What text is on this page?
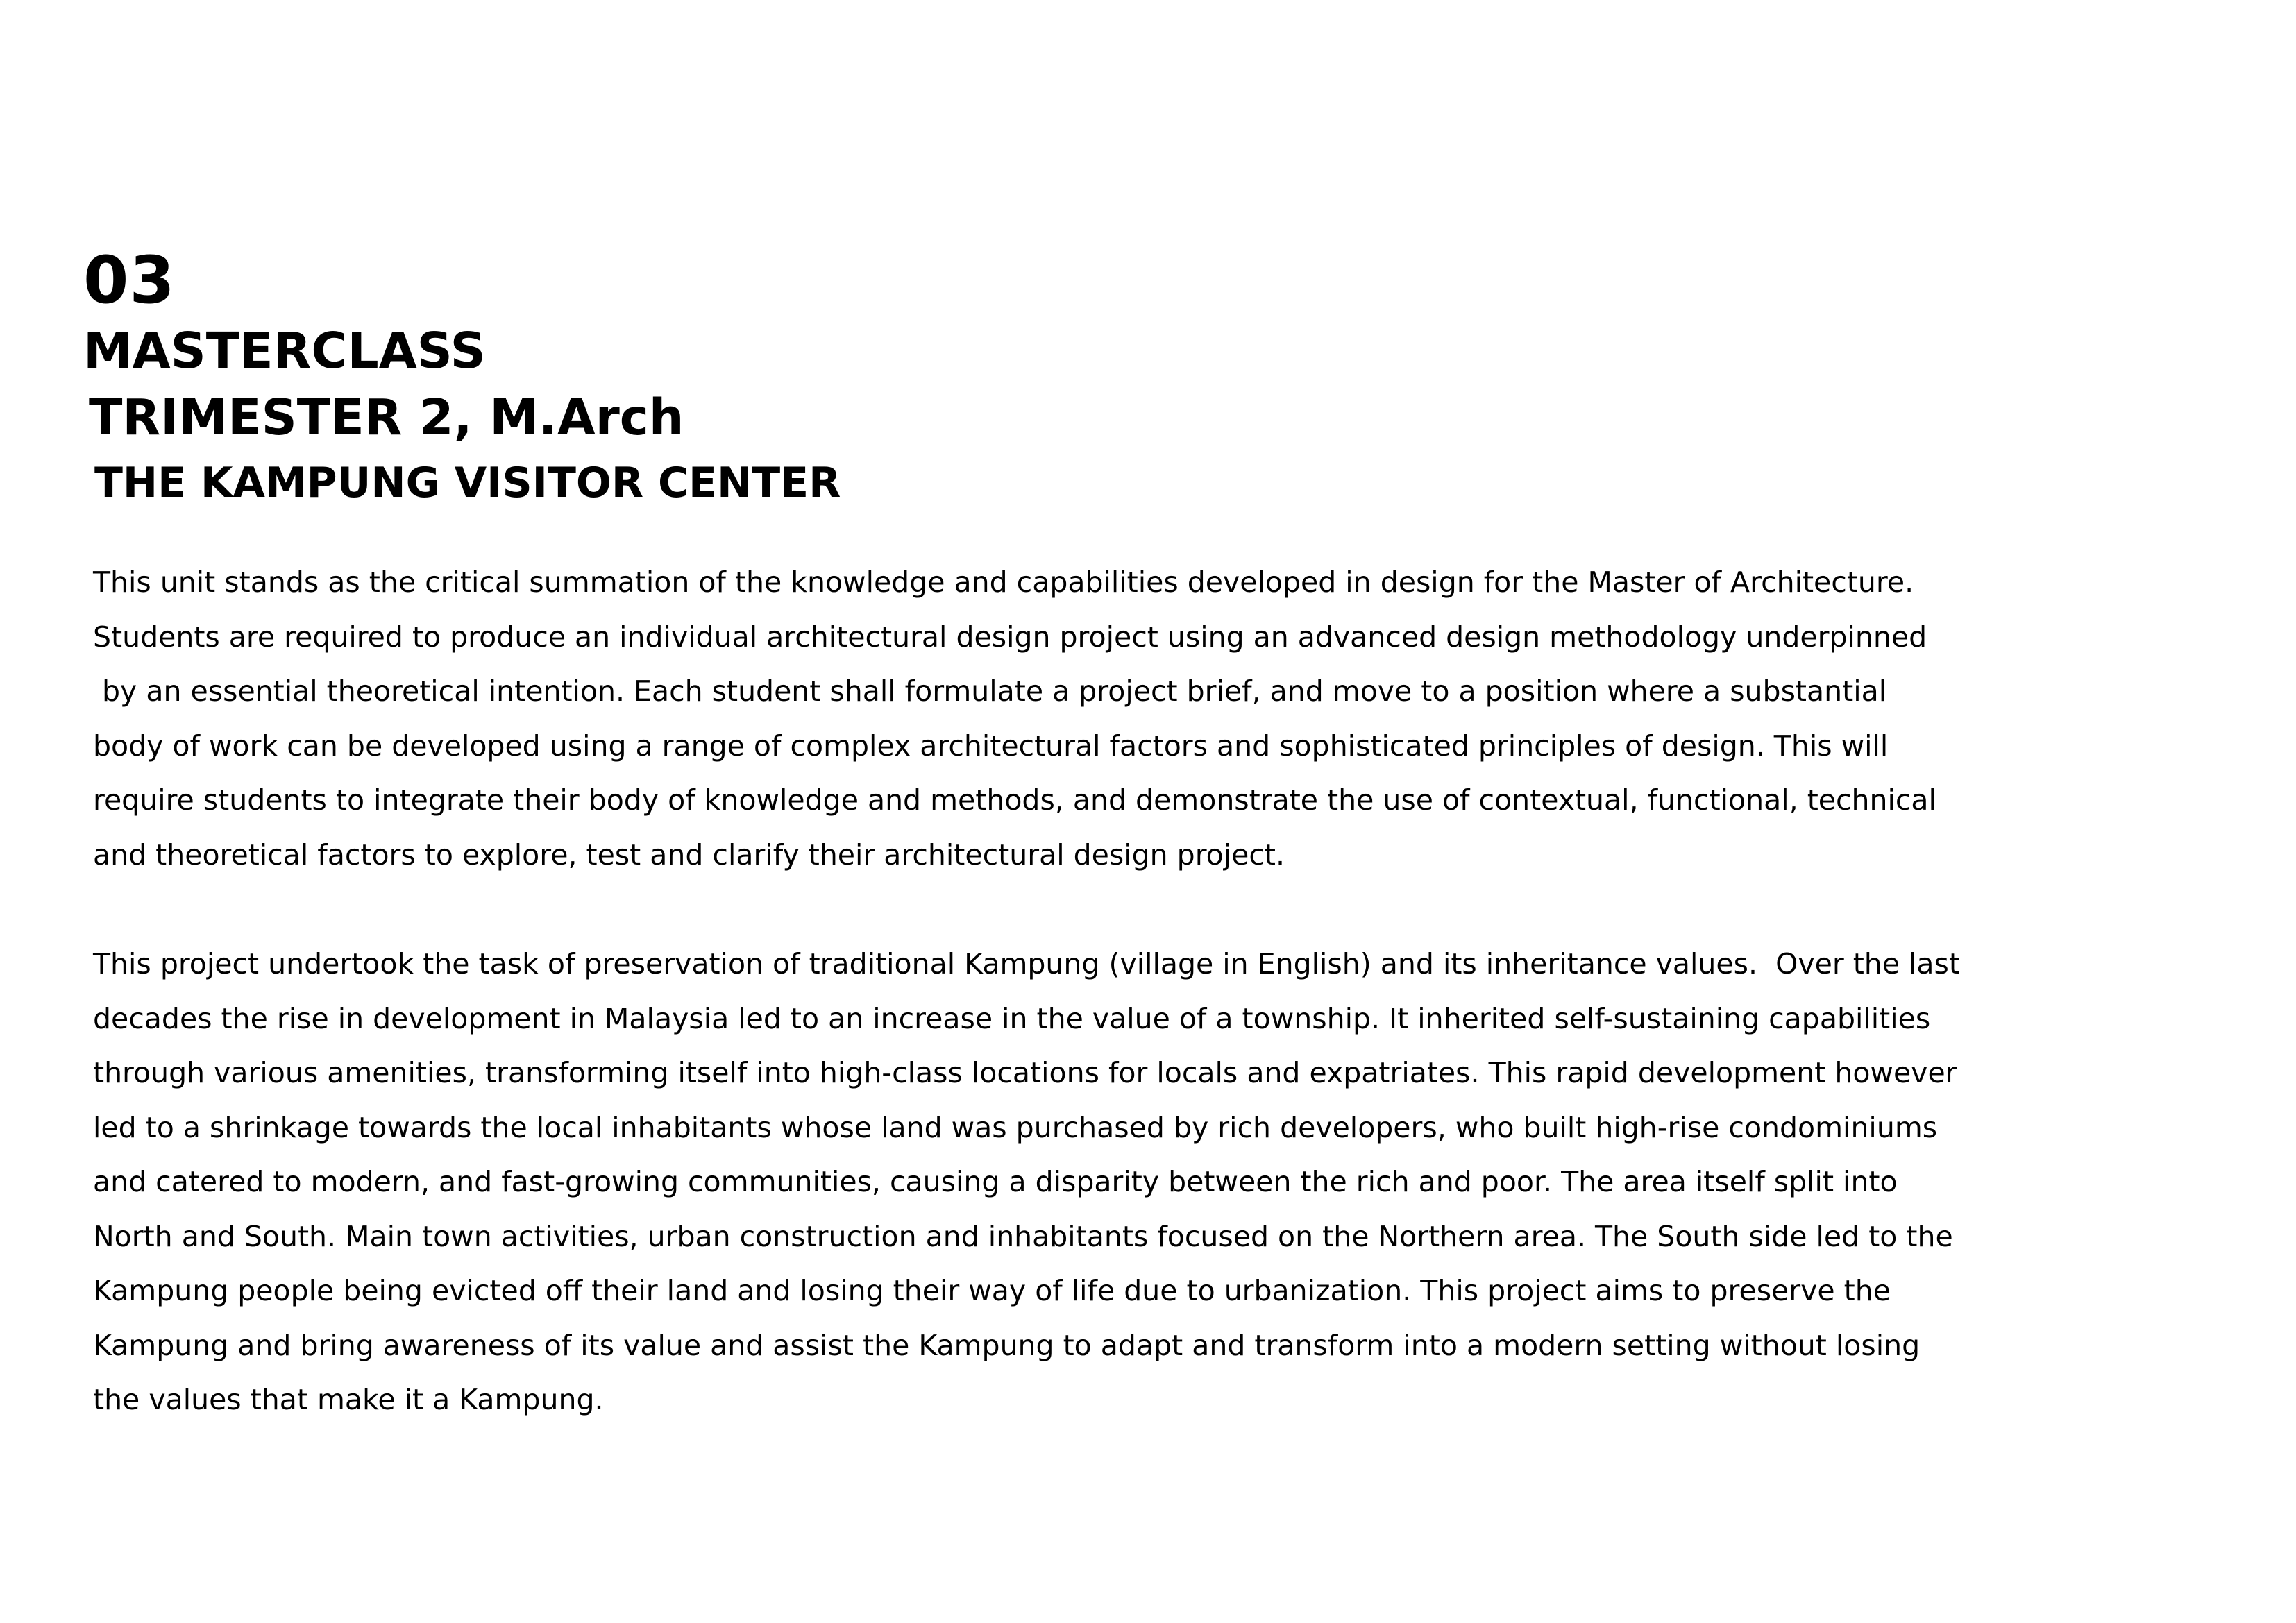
03
MASTERCLASS
TRIMESTER 2, M.Arch
THE KAMPUNG VISITOR CENTER
This unit stands as the critical summation of the knowledge and capabilities developed in design for the Master of Architecture.
Students are required to produce an individual architectural design project using an advanced design methodology underpinned
by an essential theoretical intention. Each student shall formulate a project brief, and move to a position where a substantial
body of work can be developed using a range of complex architectural factors and sophisticated principles of design. This will
require students to integrate their body of knowledge and methods, and demonstrate the use of contextual, functional, technical
and theoretical factors to explore, test and clarify their architectural design project.
This project undertook the task of preservation of traditional Kampung (village in English) and its inheritance values.  Over the last
decades the rise in development in Malaysia led to an increase in the value of a township. It inherited self-sustaining capabilities
through various amenities, transforming itself into high-class locations for locals and expatriates. This rapid development however
led to a shrinkage towards the local inhabitants whose land was purchased by rich developers, who built high-rise condominiums
and catered to modern, and fast-growing communities, causing a disparity between the rich and poor. The area itself split into
North and South. Main town activities, urban construction and inhabitants focused on the Northern area. The South side led to the
Kampung people being evicted off their land and losing their way of life due to urbanization. This project aims to preserve the
Kampung and bring awareness of its value and assist the Kampung to adapt and transform into a modern setting without losing
the values that make it a Kampung.
